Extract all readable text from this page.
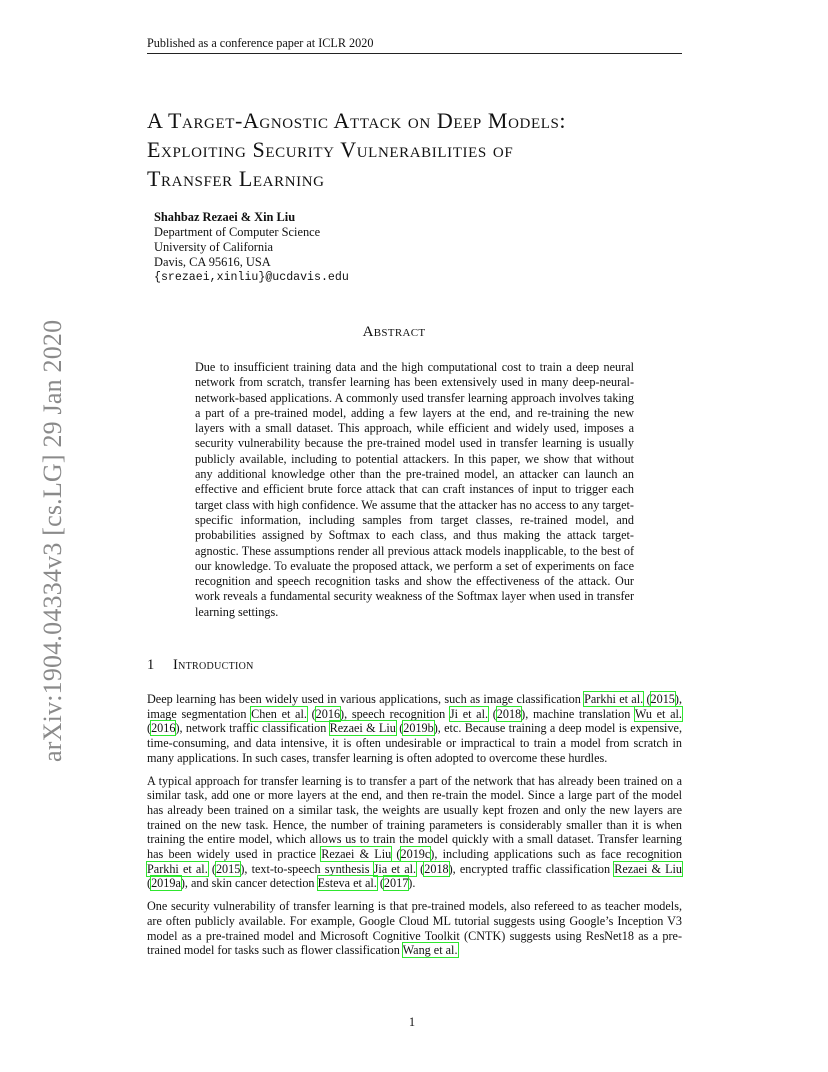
Published as a conference paper at ICLR 2020
arXiv:1904.04334v3 [cs.LG] 29 Jan 2020
A Target-Agnostic Attack on Deep Models:
Exploiting Security Vulnerabilities of
Transfer Learning
Shahbaz Rezaei & Xin Liu
Department of Computer Science
University of California
Davis, CA 95616, USA
{srezaei,xinliu}@ucdavis.edu
Abstract
Due to insufficient training data and the high computational cost to train a deep neural network from scratch, transfer learning has been extensively used in many deep-neural-network-based applications. A commonly used transfer learning approach involves taking a part of a pre-trained model, adding a few layers at the end, and re-training the new layers with a small dataset. This approach, while efficient and widely used, imposes a security vulnerability because the pre-trained model used in transfer learning is usually publicly available, including to potential attackers. In this paper, we show that without any additional knowledge other than the pre-trained model, an attacker can launch an effective and efficient brute force attack that can craft instances of input to trigger each target class with high confidence. We assume that the attacker has no access to any target-specific information, including samples from target classes, re-trained model, and probabilities assigned by Softmax to each class, and thus making the attack target-agnostic. These assumptions render all previous attack models inapplicable, to the best of our knowledge. To evaluate the proposed attack, we perform a set of experiments on face recognition and speech recognition tasks and show the effectiveness of the attack. Our work reveals a fundamental security weakness of the Softmax layer when used in transfer learning settings.
1 Introduction

Deep learning has been widely used in various applications, such as image classification Parkhi et al. (2015), image segmentation Chen et al. (2016), speech recognition Ji et al. (2018), machine translation Wu et al. (2016), network traffic classification Rezaei & Liu (2019b), etc. Because training a deep model is expensive, time-consuming, and data intensive, it is often undesirable or impractical to train a model from scratch in many applications. In such cases, transfer learning is often adopted to overcome these hurdles.

A typical approach for transfer learning is to transfer a part of the network that has already been trained on a similar task, add one or more layers at the end, and then re-train the model. Since a large part of the model has already been trained on a similar task, the weights are usually kept frozen and only the new layers are trained on the new task. Hence, the number of training parameters is considerably smaller than it is when training the entire model, which allows us to train the model quickly with a small dataset. Transfer learning has been widely used in practice Rezaei & Liu (2019c), including applications such as face recognition Parkhi et al. (2015), text-to-speech synthesis Jia et al. (2018), encrypted traffic classification Rezaei & Liu (2019a), and skin cancer detection Esteva et al. (2017).

One security vulnerability of transfer learning is that pre-trained models, also refereed to as teacher models, are often publicly available. For example, Google Cloud ML tutorial suggests using Google’s Inception V3 model as a pre-trained model and Microsoft Cognitive Toolkit (CNTK) suggests using ResNet18 as a pre-trained model for tasks such as flower classification Wang et al.

1
